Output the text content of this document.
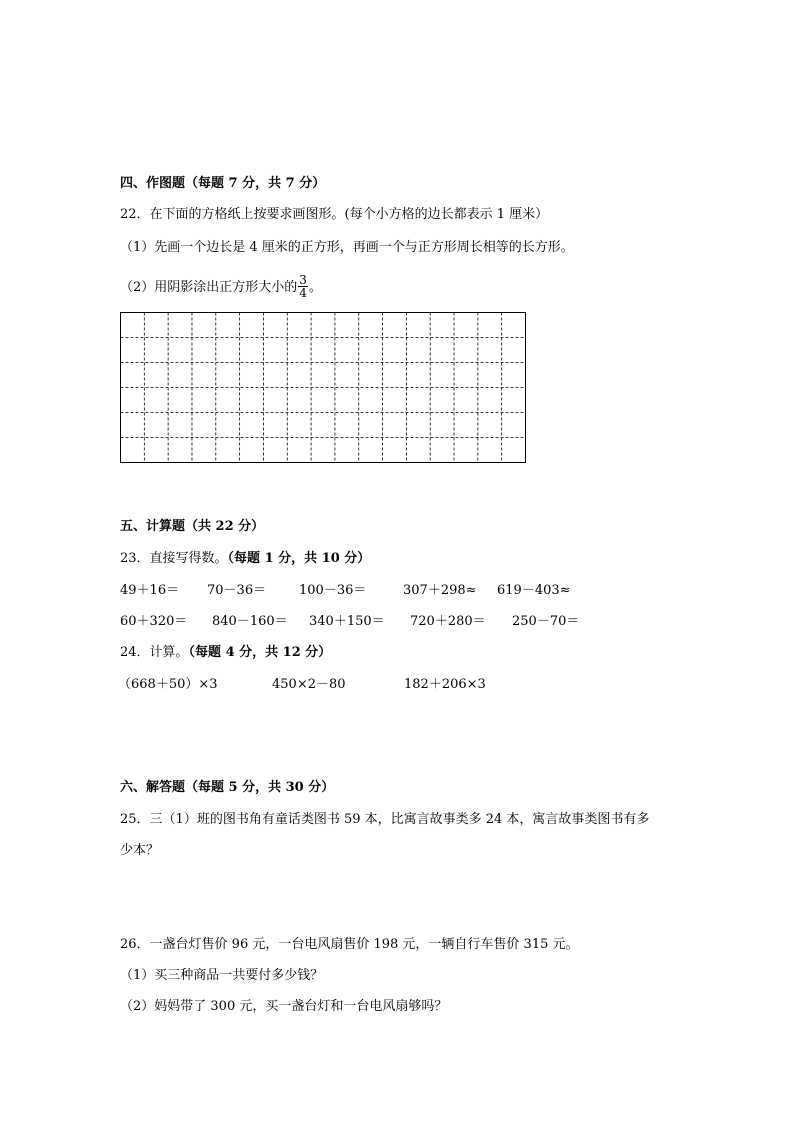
四、作图题（每题 7 分，共 7 分）
22．在下面的方格纸上按要求画图形。(每个小方格的边长都表示 1 厘米）
（1）先画一个边长是 4 厘米的正方形，再画一个与正方形周长相等的长方形。
（2）用阴影涂出正方形大小的 $\frac{3}{4}$ 。
五、计算题（共 22 分）
23．直接写得数。（每题 1 分，共 10 分）
49＋16＝ 70－36＝	100－36＝	307＋298≈ 619－403≈
60＋320＝ 840－160＝ 340＋150＝ 720＋280＝ 250－70＝
24．计算。（每题 4 分，共 12 分）
（668＋50）×3	450×2－80	182＋206×3
六、解答题（每题 5 分，共 30 分）
25．三（1）班的图书角有童话类图书 59 本，比寓言故事类多 24 本，寓言故事类图书有多
少本？
26．一盏台灯售价 96 元，一台电风扇售价 198 元，一辆自行车售价 315 元。
（1）买三种商品一共要付多少钱？
（2）妈妈带了 300 元，买一盏台灯和一台电风扇够吗？
